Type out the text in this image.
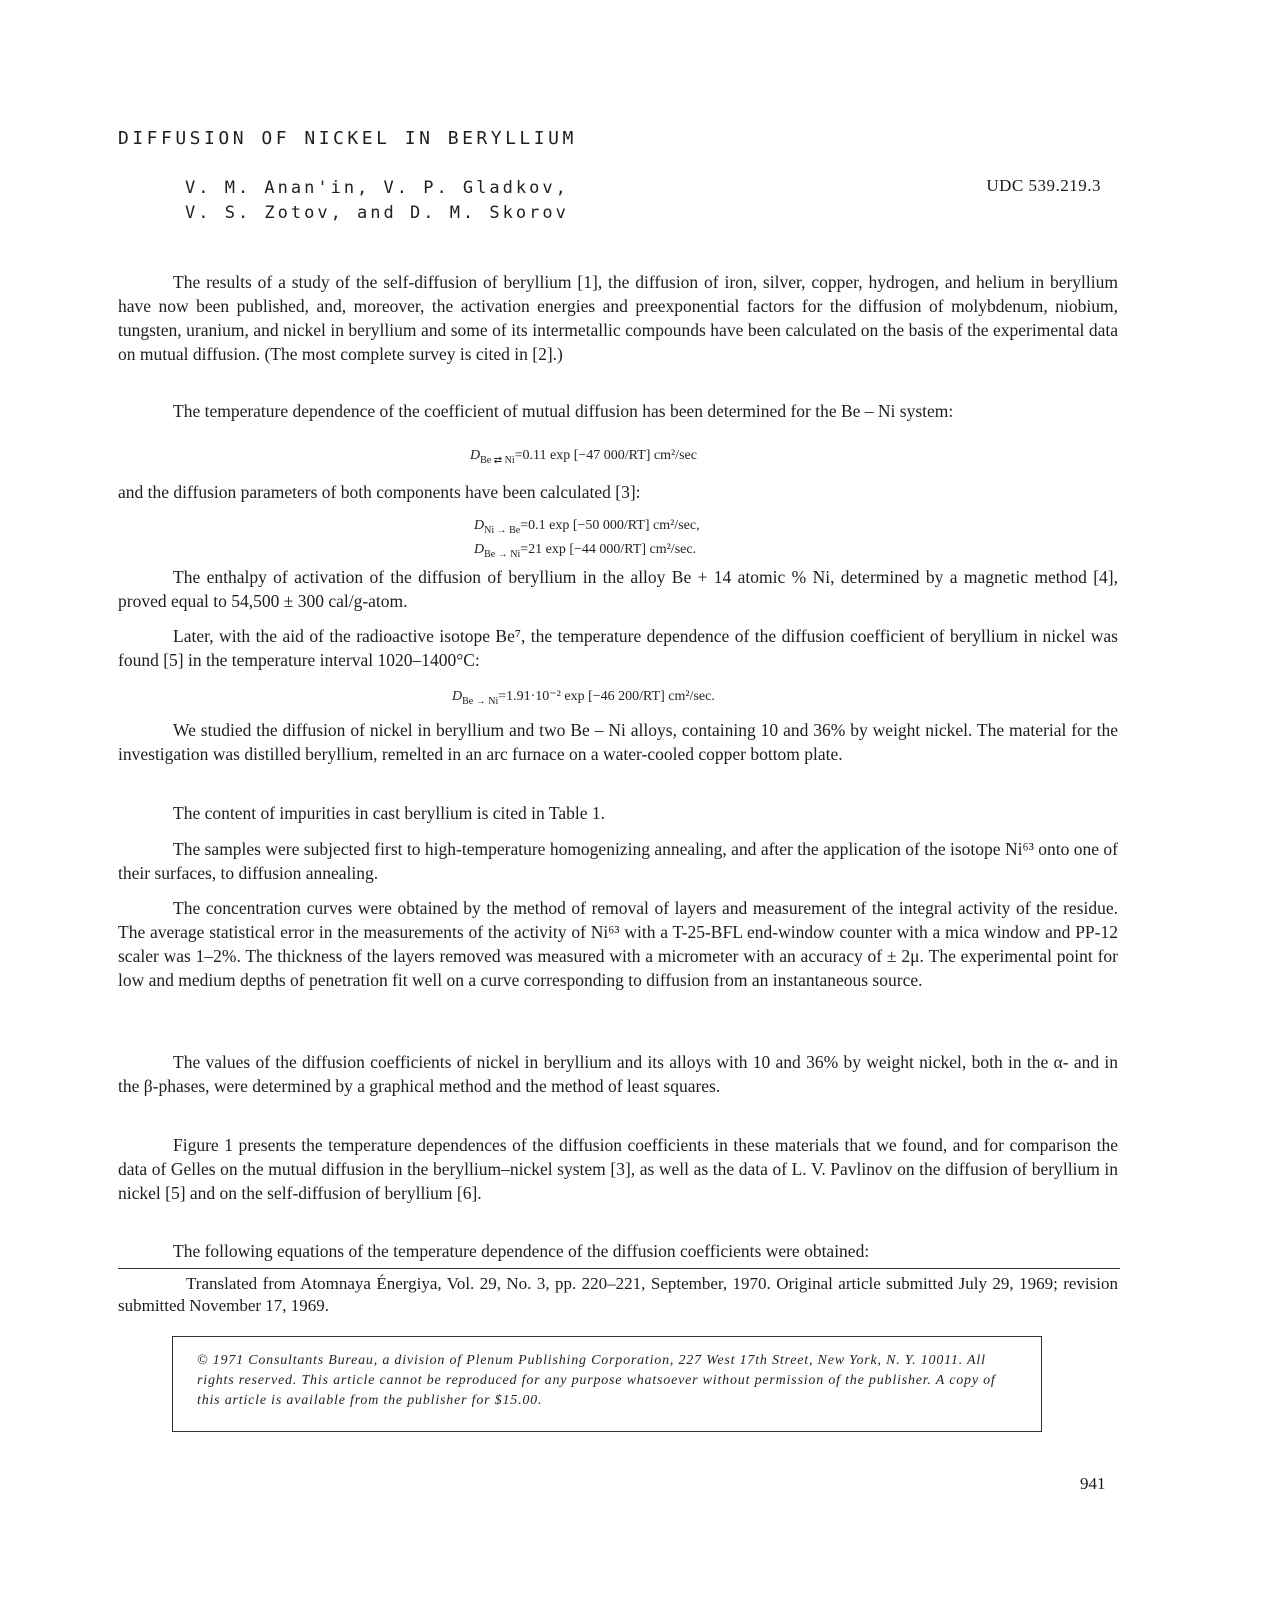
DIFFUSION OF NICKEL IN BERYLLIUM
V. M. Anan'in, V. P. Gladkov,
V. S. Zotov, and D. M. Skorov
UDC 539.219.3

The results of a study of the self-diffusion of beryllium [1], the diffusion of iron, silver, copper, hydrogen, and helium in beryllium have now been published, and, moreover, the activation energies and preexponential factors for the diffusion of molybdenum, niobium, tungsten, uranium, and nickel in beryllium and some of its intermetallic compounds have been calculated on the basis of the experimental data on mutual diffusion. (The most complete survey is cited in [2].)

The temperature dependence of the coefficient of mutual diffusion has been determined for the Be – Ni system:

$D_{Be ⇄ Ni}=0.11$ exp [−47 000/RT] cm²/sec

and the diffusion parameters of both components have been calculated [3]:

$D_{Ni \to Be}=0.1$ exp [−50 000/RT] cm²/sec,
$D_{Be \to Ni}=21$ exp [−44 000/RT] cm²/sec.

The enthalpy of activation of the diffusion of beryllium in the alloy Be + 14 atomic % Ni, determined by a magnetic method [4], proved equal to 54,500 ± 300 cal/g-atom.

Later, with the aid of the radioactive isotope Be⁷, the temperature dependence of the diffusion coefficient of beryllium in nickel was found [5] in the temperature interval 1020–1400°C:

$D_{Be \to Ni}=1.91\cdot 10^{-2}$ exp [−46 200/RT] cm²/sec.

We studied the diffusion of nickel in beryllium and two Be – Ni alloys, containing 10 and 36% by weight nickel. The material for the investigation was distilled beryllium, remelted in an arc furnace on a water-cooled copper bottom plate.

The content of impurities in cast beryllium is cited in Table 1.

The samples were subjected first to high-temperature homogenizing annealing, and after the application of the isotope Ni⁶³ onto one of their surfaces, to diffusion annealing.

The concentration curves were obtained by the method of removal of layers and measurement of the integral activity of the residue. The average statistical error in the measurements of the activity of Ni⁶³ with a T-25-BFL end-window counter with a mica window and PP-12 scaler was 1–2%. The thickness of the layers removed was measured with a micrometer with an accuracy of ± 2μ. The experimental point for low and medium depths of penetration fit well on a curve corresponding to diffusion from an instantaneous source.

The values of the diffusion coefficients of nickel in beryllium and its alloys with 10 and 36% by weight nickel, both in the α- and in the β-phases, were determined by a graphical method and the method of least squares.

Figure 1 presents the temperature dependences of the diffusion coefficients in these materials that we found, and for comparison the data of Gelles on the mutual diffusion in the beryllium–nickel system [3], as well as the data of L. V. Pavlinov on the diffusion of beryllium in nickel [5] and on the self-diffusion of beryllium [6].

The following equations of the temperature dependence of the diffusion coefficients were obtained:

Translated from Atomnaya Énergiya, Vol. 29, No. 3, pp. 220–221, September, 1970. Original article submitted July 29, 1969; revision submitted November 17, 1969.

© 1971 Consultants Bureau, a division of Plenum Publishing Corporation, 227 West 17th Street, New York, N. Y. 10011. All rights reserved. This article cannot be reproduced for any purpose whatsoever without permission of the publisher. A copy of this article is available from the publisher for $15.00.
941
